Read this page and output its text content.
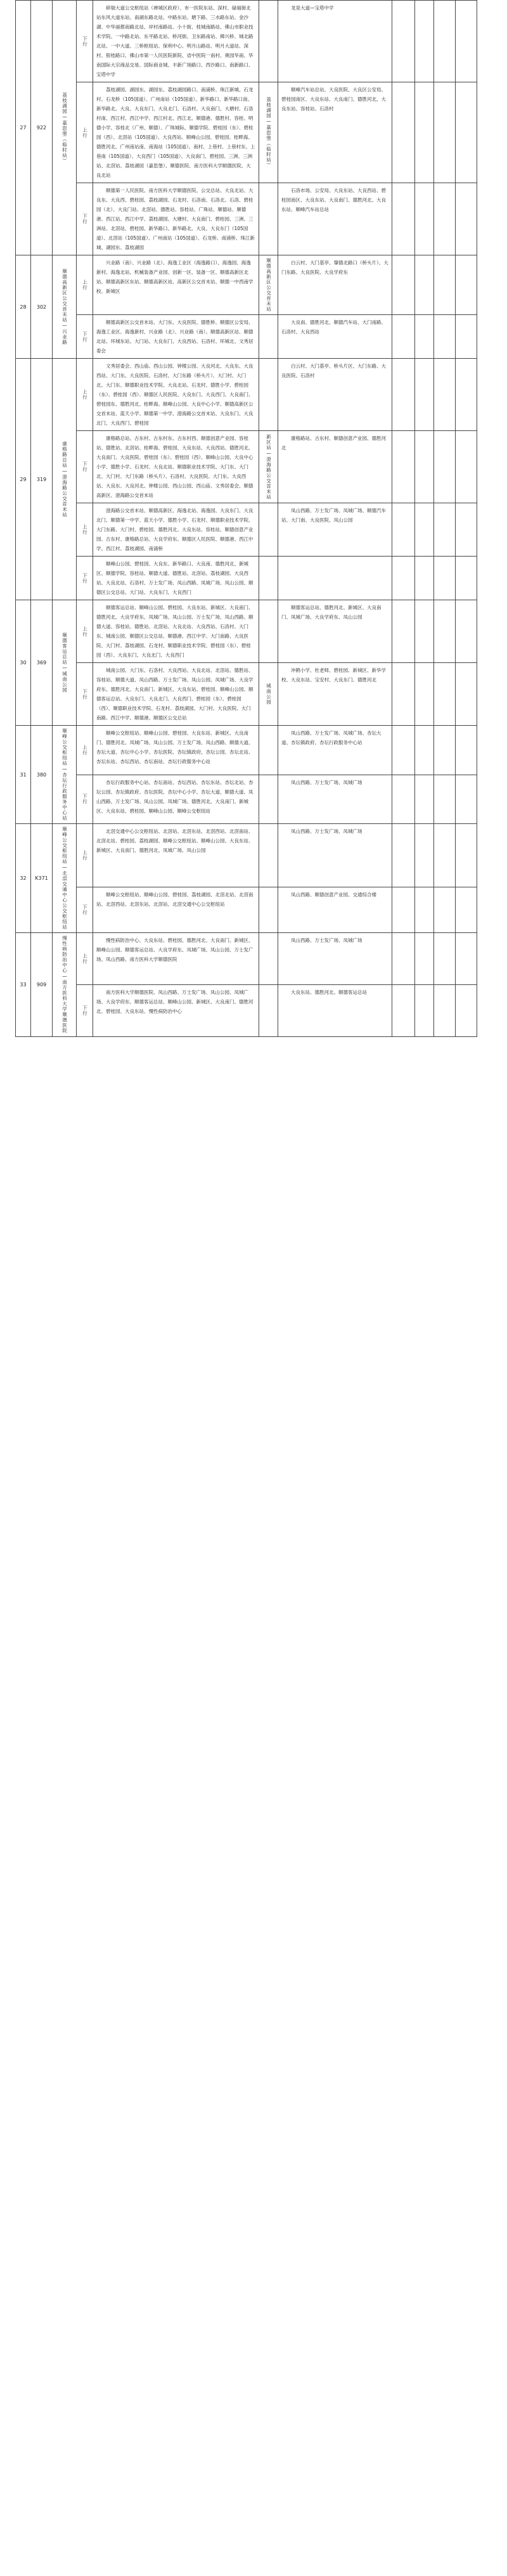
27	922	荔枝湖园—嘉思堡（临时站）	下行	碎瑞大道公交枢纽站（禅城区政府）、市一医院东站、深村、碌福街北站东风大道东站、南湖东路北站、中路东站、塘下路、三水路东站、金沙湖、中华丽都南路北站、岸村南路站、小十街、桂城南路站、佛山市职业技术学院、一中路北站、东平路北站、桥河街、卫东路南站、佛兴桥、城北路北站、一中大道、三桥枢纽站、保利中心、明月山路站、明月大道站、深村、银桂路口、佛山市第一人民医院新院、省中医院一南村、奥园华南、华南国际大宗商品交易、国际商业城、丰新广场路口、西沙路口、南新路口、宝塔中学		龙泉大道—宝塔中学				
			上行	荔枝湖园、湖园东、湖园东、荔枝湖园路口、南浦桥、珠江新城、石龙村、石龙桥（105国道）、广州南站（105国道）、新华路口、新华路口南、新华路北、大良、大良东门、大良北门、石洛村、大良南门、大塘村、石洛村南、西江村、西江中学、西江村北、西江北、顺德港、德胜村、容桂、明德小学、容桂北（广州、顺德）、广珠城际、顺德学院、碧桂园（东）、碧桂园（西）、北滘站（105国道）、大良西站、顺峰山公园、碧桂园、桂畔海、德胜河北、广州南站南、南海站（105国道）、南村、上巷村、上巷村东、上巷南（105国道）、大良西门（105国道）、大良南门、碧桂园、三洲、三洲站、北滘站、荔枝湖园（嘉思堡）、顺德医院、南方医科大学顺德医院、大良北站	荔枝湖园—嘉思堡（临时站）	顺峰汽车站总站、大良医院、大良区公安局、碧桂园南区、大良东站、大良南门、德胜河北、大良东站、容桂站、石洛村				
			下行	顺德第一人民医院、南方医科大学顺德医院、公交总站、大良北站、大良东、大良西、碧桂园、荔枝湖园、石龙村、石洛南、石洛北、石洛、碧桂园（北）、大良门站、北滘站、德胜站、容桂站、广珠站、顺德站、顺德港、西江站、西江中学、荔枝湖园、大塘村、大良南门、碧桂园、三洲、三洲站、北滘站、碧桂园、新华路口、新华路北、大良、大良东门（105国道）、北滘站（105国道）、广州南站（105国道）、石龙桥、南浦桥、珠江新城、湖园东、荔枝湖园		石洛市场、公安局、大良东站、大良西站、碧桂园南区、大良东站、大良南门、德胜河北、大良东站、顺峰汽车站总站				
28	302	顺德高新区公交首末站—兴业路	上行	兴业路（南）、兴业路（北）、海逸工业区（海逸路口）、海逸园、海逸新村、海逸北站、机械装备产业园、创新一区、装备一区、顺德高新区北站、顺德高新区东站、顺德高新区站、高新区公交首末站、顺德一中西南学校、新城区	顺德高新区公交首末站	白云村、大门基亭、肇德北路口（桥头片）、大门东路、大良医院、大良学府东				
			下行	顺德高新区公交首末站、大门东、大良医院、德胜桥、顺德区公安局、海逸工业区、海逸新村、兴业路（北）、兴业路（南）、顺德高新区站、顺德北站、环城东站、大门站、大良东门、大良西站、石洛村、环城北、文秀居委会		大良南、德胜河北、顺德汽车站、大门南路、石洛村、大良西站				
29	319	康格路总站—澄海路公交首末站	上行	文秀居委会、西山庙、西山公园、钟楼公园、大良河北、大良东、大良西站、大门东、大良医院、石洛村、大门东路（桥头片）、大门村、大门北、大门东、顺德职业技术学院、大良北站、石龙村、德胜小学、碧桂园（东）、碧桂园（西）、顺德区人民医院、大良东门、大良西门、大良南门、碧桂园东、德胜河北、桂畔海、顺峰山公园、大良中心小学、顺德高新区公交首末站、蓝天小学、顺德第一中学、澄海路公交首末站、大良东门、大良北门、大良西门、碧桂园		白云村、大门基亭、桥头片区、大门东路、大良医院、石洛村				
			下行	康格路总站、古东村、古东村东、古东村西、顺德创意产业园、容桂站、德胜站、北滘站、桂畔海、碧桂园、大良东站、大良西站、德胜河北、大良南门、大良医院、碧桂园（东）、碧桂园（西）、顺峰山公园、大良中心小学、德胜小学、石龙村、大良北站、顺德职业技术学院、大门东、大门北、大门村、大门东路（桥头片）、石洛村、大良医院、大门东、大良西站、大良东、大良河北、钟楼公园、西山公园、西山庙、文秀居委会、顺德高新区、澄海路公交首末站	新区站—澄海路公交首末站	康格路站、古东村、顺德创意产业园、德胜河北				
			上行	澄海路公交首末站、顺德高新区、海逸北站、海逸园、大良东门、大良北门、顺德第一中学、蓝天小学、德胜小学、石龙村、顺德职业技术学院、大门东路、大门村、碧桂园、德胜河北、大良东站、容桂站、顺德创意产业园、古东村、康格路总站、大良学府东、顺德区人民医院、顺德港、西江中学、西江村、荔枝湖园、南浦桥		凤山西路、万士发广场、凤城广场、顺德汽车站、大门南、大良医院、凤山公园				
			下行	顺峰山公园、碧桂园、大良东、新华路口、大良南、德胜河北、新城区、顺德学院、容桂站、顺德大道、德胜站、北滘站、荔枝湖园、大良西站、大良北站、石洛村、万士发广场、凤山西路、凤城广场、凤山公园、顺德区公交总站、大门站、大良东门、大良西门						
30	369	顺德客运总站—城南公园	上行	顺德客运总站、顺峰山公园、碧桂园、大良东站、新城区、大良南门、德胜河北、大良学府东、凤城广场、凤山公园、万士发广场、凤山西路、顺德大道、容桂站、德胜站、北滘站、大良北站、大良西站、石洛村、大门东、城南公园、顺德区公交总站、顺德港、西江中学、大门南路、大良医院、大门村、荔枝湖园、石龙村、顺德职业技术学院、碧桂园（东）、碧桂园（西）、大良东门、大良北门、大良西门		顺德客运总站、德胜河北、新城区、大良南门、凤城广场、大良学府东、凤山公园				
			下行	城南公园、大门东、石洛村、大良西站、大良北站、北滘站、德胜站、容桂站、顺德大道、凤山西路、万士发广场、凤山公园、凤城广场、大良学府东、德胜河北、大良南门、新城区、大良东站、碧桂园、顺峰山公园、顺德客运总站、大良东门、大良北门、大良西门、碧桂园（东）、碧桂园（西）、顺德职业技术学院、石龙村、荔枝湖园、大门村、大良医院、大门南路、西江中学、顺德港、顺德区公交总站	城南公园	冲鹤小学、杜老师、碧桂园、新城区、新华学校、大良东站、宝安村、大良东门、德胜河北				
31	380	顺峰公交枢纽站—杏坛行政服务中心站	上行	顺峰公交枢纽站、顺峰山公园、碧桂园、大良东站、新城区、大良南门、德胜河北、凤城广场、凤山公园、万士发广场、凤山西路、顺德大道、杏坛大道、杏坛中心小学、杏坛医院、杏坛镇政府、杏坛公园、杏坛北站、杏坛东站、杏坛西站、杏坛南站、杏坛行政服务中心站		凤山西路、万士发广场、凤城广场、杏坛大道、杏坛镇政府、杏坛行政服务中心站				
			下行	杏坛行政服务中心站、杏坛南站、杏坛西站、杏坛东站、杏坛北站、杏坛公园、杏坛镇政府、杏坛医院、杏坛中心小学、杏坛大道、顺德大道、凤山西路、万士发广场、凤山公园、凤城广场、德胜河北、大良南门、新城区、大良东站、碧桂园、顺峰山公园、顺峰公交枢纽站		凤山西路、万士发广场、凤城广场				
32	K371	顺峰公交枢纽站—北滘交通中心公交枢纽站	上行	北滘交通中心公交枢纽站、北滘站、北滘东站、北滘西站、北滘南站、北滘北站、碧桂园、荔枝湖园、顺峰公交枢纽站、顺峰山公园、大良东站、新城区、大良南门、德胜河北、凤城广场、凤山公园		凤山西路、万士发广场、凤城广场				
			下行	顺峰公交枢纽站、顺峰山公园、碧桂园、荔枝湖园、北滘北站、北滘南站、北滘西站、北滘东站、北滘站、北滘交通中心公交枢纽站		凤山西路、顺德创意产业园、交通综合楼				
33	909	慢性病防治中心—南方医科大学顺德医院	上行	慢性病防治中心、大良东站、碧桂园、德胜河北、大良南门、新城区、顺峰山公园、顺德客运总站、大良学府东、凤城广场、凤山公园、万士发广场、凤山西路、南方医科大学顺德医院		凤山西路、万士发广场、凤城广场				
			下行	南方医科大学顺德医院、凤山西路、万士发广场、凤山公园、凤城广场、大良学府东、顺德客运总站、顺峰山公园、新城区、大良南门、德胜河北、碧桂园、大良东站、慢性病防治中心		大良东站、德胜河北、顺德客运总站				
